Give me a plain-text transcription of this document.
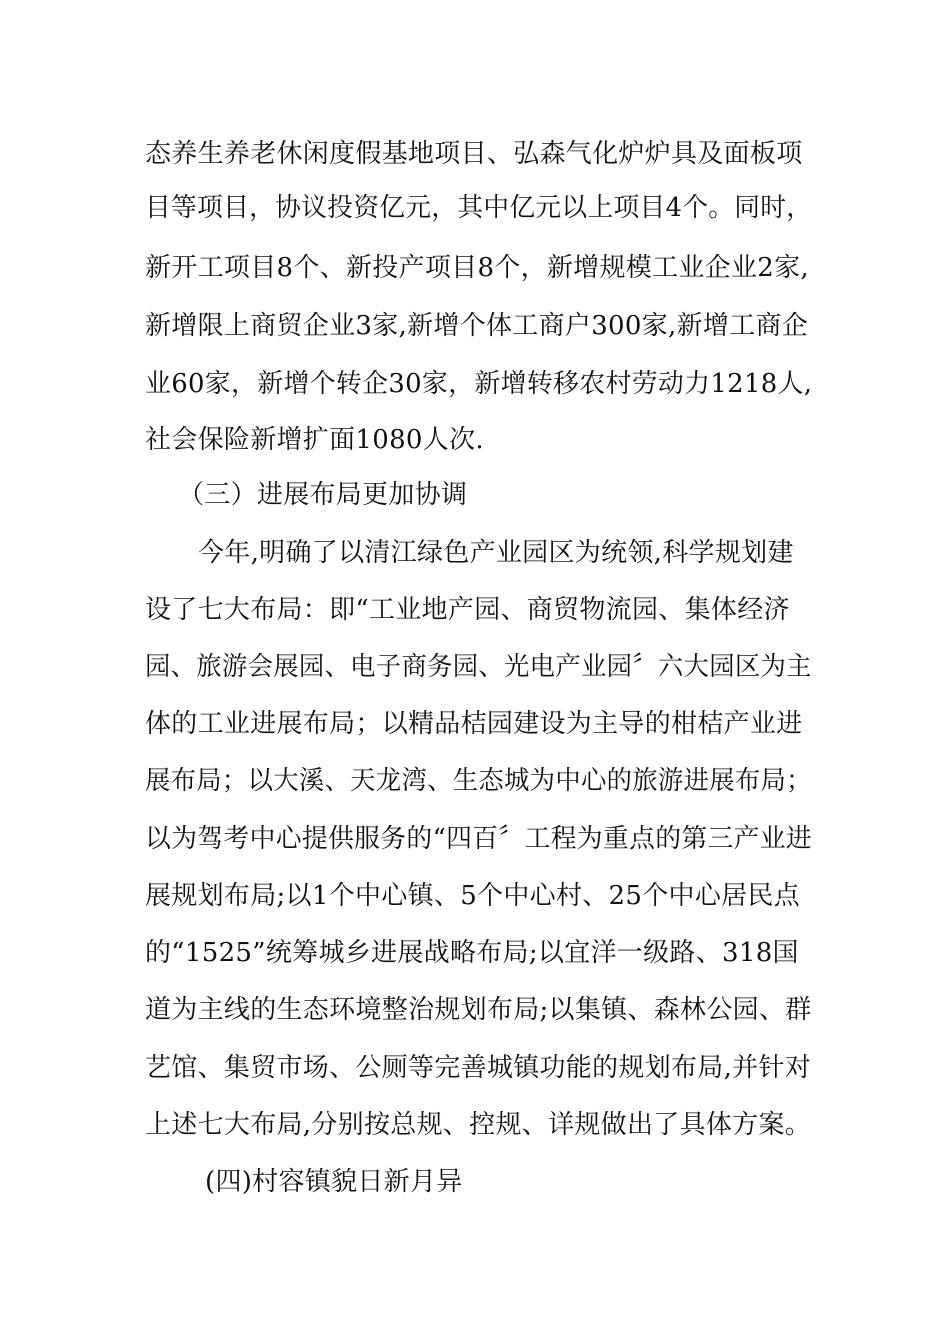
态养生养老休闲度假基地项目、弘森气化炉炉具及面板项
目等项目，协议投资亿元，其中亿元以上项目4个。同时，
新开工项目8个、新投产项目8个，新增规模工业企业2家,
新增限上商贸企业3家,新增个体工商户300家,新增工商企
业60家，新增个转企30家，新增转移农村劳动力1218人,
社会保险新增扩面1080人次.
（三）进展布局更加协调
今年,明确了以清江绿色产业园区为统领,科学规划建
设了七大布局：即“工业地产园、商贸物流园、集体经济
园、旅游会展园、电子商务园、光电产业园〞六大园区为主
体的工业进展布局；以精品桔园建设为主导的柑桔产业进
展布局；以大溪、天龙湾、生态城为中心的旅游进展布局；
以为驾考中心提供服务的“四百〞工程为重点的第三产业进
展规划布局;以1个中心镇、5个中心村、25个中心居民点
的“1525”统筹城乡进展战略布局;以宜洋一级路、318国
道为主线的生态环境整治规划布局;以集镇、森林公园、群
艺馆、集贸市场、公厕等完善城镇功能的规划布局,并针对
上述七大布局,分别按总规、控规、详规做出了具体方案。
(四)村容镇貌日新月异
